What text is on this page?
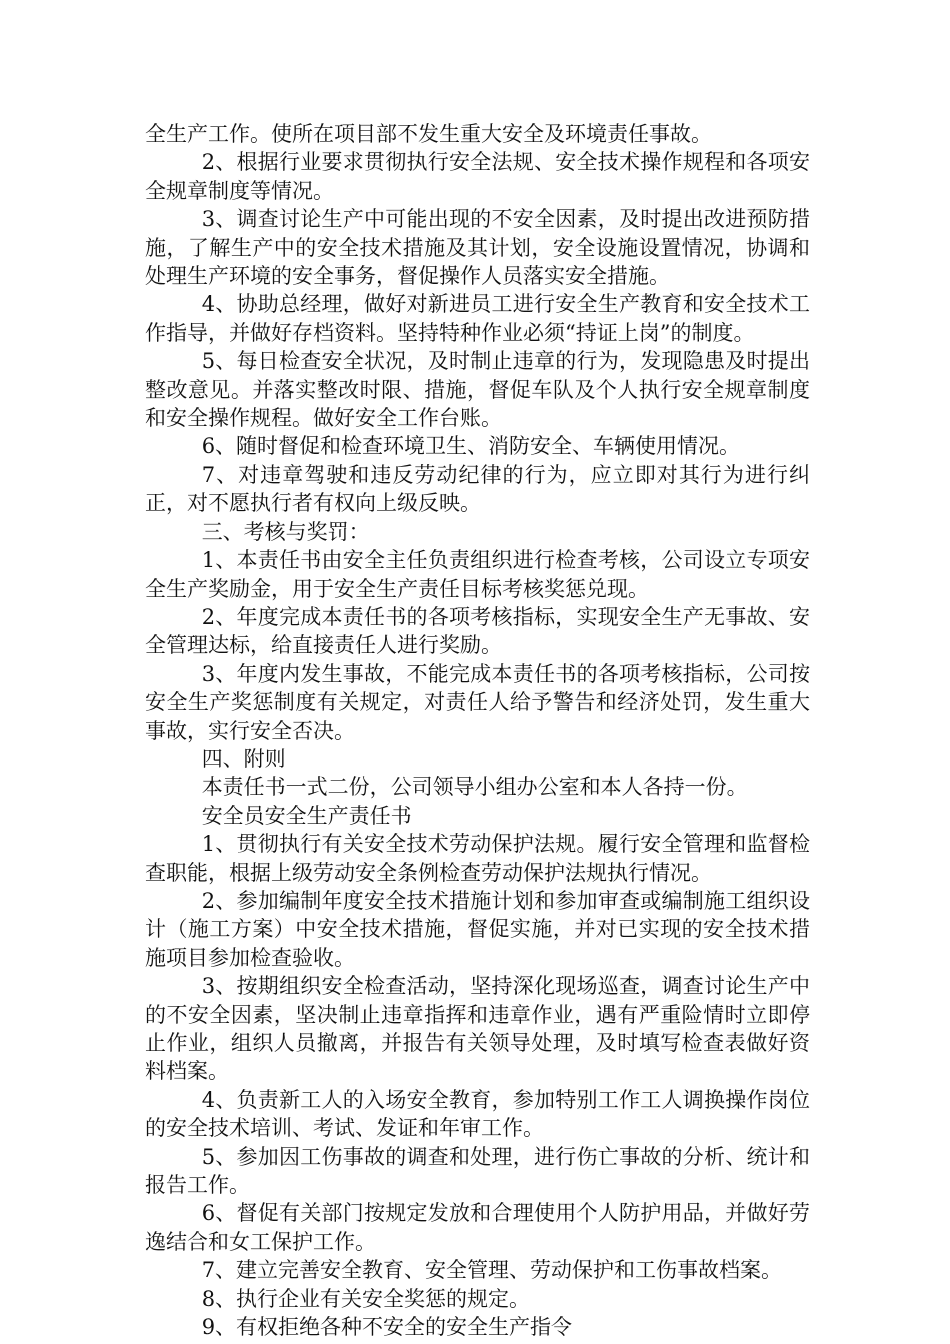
全生产工作。使所在项目部不发生重大安全及环境责任事故。

2、根据行业要求贯彻执行安全法规、安全技术操作规程和各项安全规章制度等情况。

3、调查讨论生产中可能出现的不安全因素，及时提出改进预防措施，了解生产中的安全技术措施及其计划，安全设施设置情况，协调和处理生产环境的安全事务，督促操作人员落实安全措施。

4、协助总经理，做好对新进员工进行安全生产教育和安全技术工作指导，并做好存档资料。坚持特种作业必须“持证上岗”的制度。

5、每日检查安全状况，及时制止违章的行为，发现隐患及时提出整改意见。并落实整改时限、措施，督促车队及个人执行安全规章制度和安全操作规程。做好安全工作台账。

6、随时督促和检查环境卫生、消防安全、车辆使用情况。

7、对违章驾驶和违反劳动纪律的行为，应立即对其行为进行纠正，对不愿执行者有权向上级反映。

三、考核与奖罚：

1、本责任书由安全主任负责组织进行检查考核，公司设立专项安全生产奖励金，用于安全生产责任目标考核奖惩兑现。

2、年度完成本责任书的各项考核指标，实现安全生产无事故、安全管理达标，给直接责任人进行奖励。

3、年度内发生事故，不能完成本责任书的各项考核指标，公司按安全生产奖惩制度有关规定，对责任人给予警告和经济处罚，发生重大事故，实行安全否决。

四、附则

本责任书一式二份，公司领导小组办公室和本人各持一份。

安全员安全生产责任书

1、贯彻执行有关安全技术劳动保护法规。履行安全管理和监督检查职能，根据上级劳动安全条例检查劳动保护法规执行情况。

2、参加编制年度安全技术措施计划和参加审查或编制施工组织设计（施工方案）中安全技术措施，督促实施，并对已实现的安全技术措施项目参加检查验收。

3、按期组织安全检查活动，坚持深化现场巡查，调查讨论生产中的不安全因素，坚决制止违章指挥和违章作业，遇有严重险情时立即停止作业，组织人员撤离，并报告有关领导处理，及时填写检查表做好资料档案。

4、负责新工人的入场安全教育，参加特别工作工人调换操作岗位的安全技术培训、考试、发证和年审工作。

5、参加因工伤事故的调查和处理，进行伤亡事故的分析、统计和报告工作。

6、督促有关部门按规定发放和合理使用个人防护用品，并做好劳逸结合和女工保护工作。

7、建立完善安全教育、安全管理、劳动保护和工伤事故档案。

8、执行企业有关安全奖惩的规定。

9、有权拒绝各种不安全的安全生产指令
